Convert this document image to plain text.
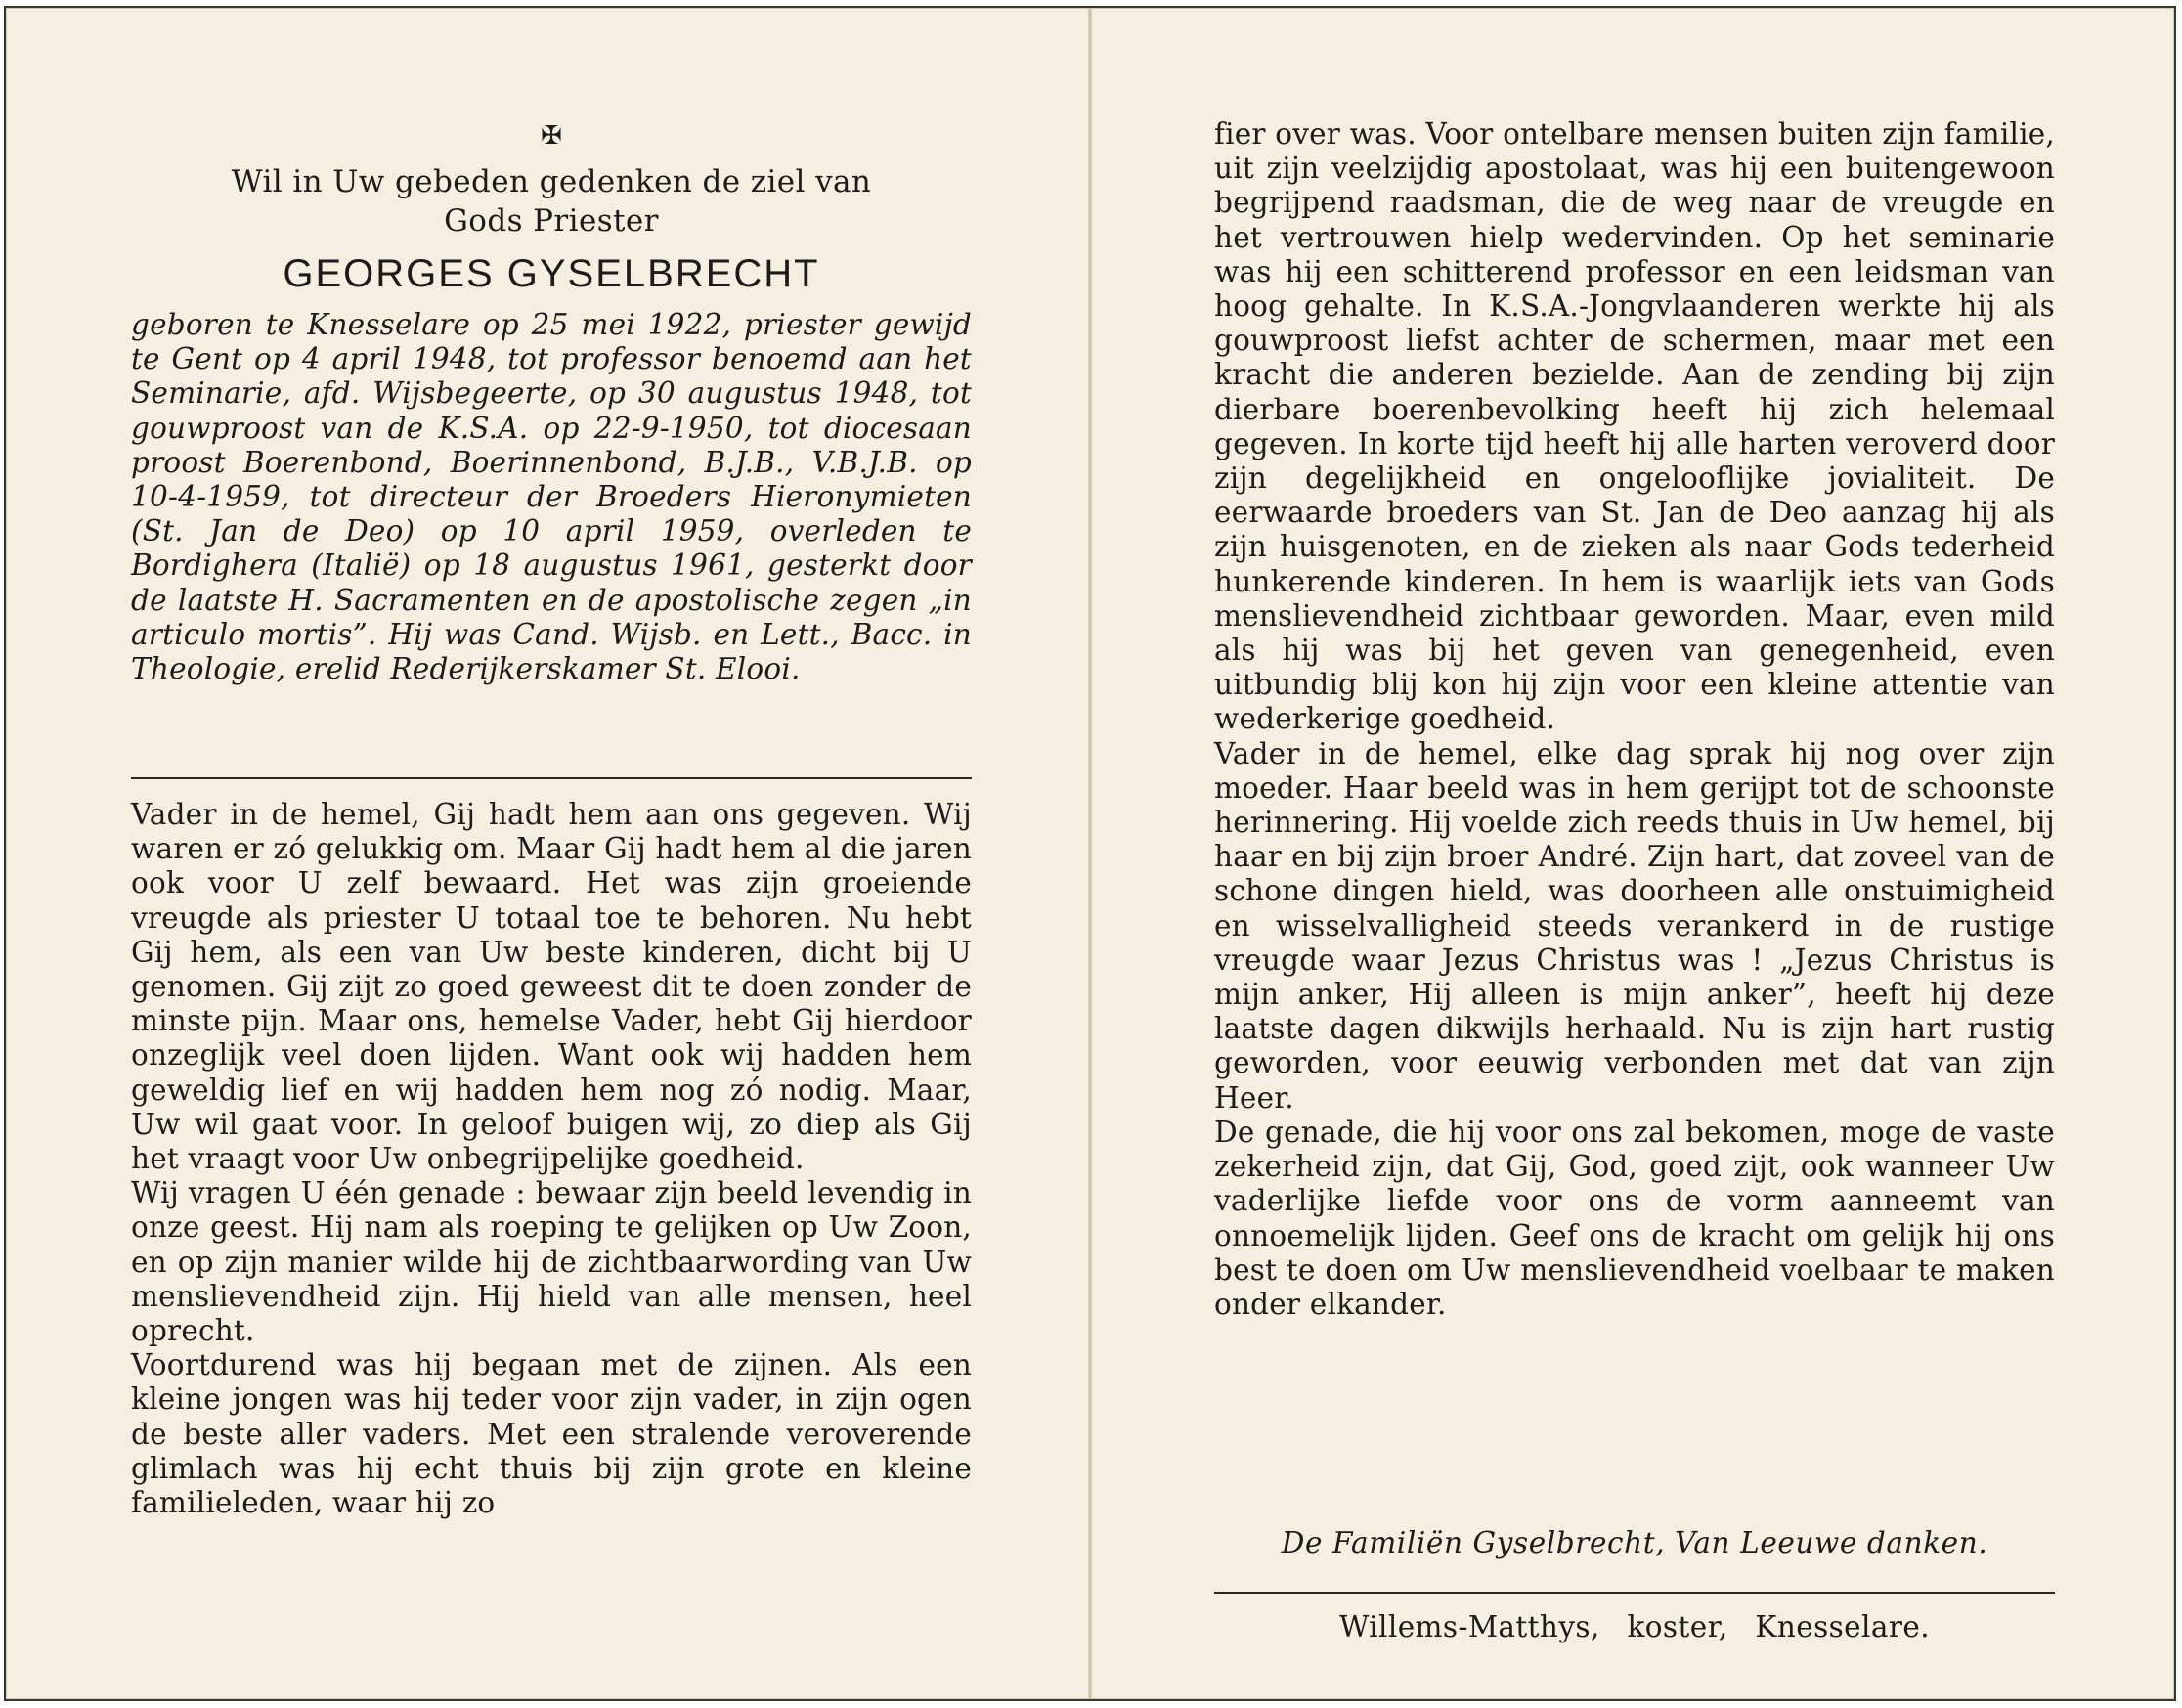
✠
Wil in Uw gebeden gedenken de ziel van
Gods Priester
GEORGES GYSELBRECHT

geboren te Knesselare op 25 mei 1922, priester gewijd te Gent op 4 april 1948, tot professor benoemd aan het Seminarie, afd. Wijsbegeerte, op 30 augustus 1948, tot gouwproost van de K.S.A. op 22-9-1950, tot diocesaan proost Boerenbond, Boerinnenbond, B.J.B., V.B.J.B. op 10-4-1959, tot directeur der Broeders Hieronymieten (St. Jan de Deo) op 10 april 1959, overleden te Bordighera (Italië) op 18 augustus 1961, gesterkt door de laatste H. Sacramenten en de apostolische zegen „in articulo mortis”. Hij was Cand. Wijsb. en Lett., Bacc. in Theologie, erelid Rederijkerskamer St. Elooi.

Vader in de hemel, Gij hadt hem aan ons gegeven. Wij waren er zó gelukkig om. Maar Gij hadt hem al die jaren ook voor U zelf bewaard. Het was zijn groeiende vreugde als priester U totaal toe te behoren. Nu hebt Gij hem, als een van Uw beste kinderen, dicht bij U genomen. Gij zijt zo goed geweest dit te doen zonder de minste pijn. Maar ons, hemelse Vader, hebt Gij hierdoor onzeglijk veel doen lijden. Want ook wij hadden hem geweldig lief en wij hadden hem nog zó nodig. Maar, Uw wil gaat voor. In geloof buigen wij, zo diep als Gij het vraagt voor Uw onbegrijpelijke goedheid.

Wij vragen U één genade : bewaar zijn beeld levendig in onze geest. Hij nam als roeping te gelijken op Uw Zoon, en op zijn manier wilde hij de zichtbaarwording van Uw menslievendheid zijn. Hij hield van alle mensen, heel oprecht.

Voortdurend was hij begaan met de zijnen. Als een kleine jongen was hij teder voor zijn vader, in zijn ogen de beste aller vaders. Met een stralende veroverende glimlach was hij echt thuis bij zijn grote en kleine familieleden, waar hij zo

fier over was. Voor ontelbare mensen buiten zijn familie, uit zijn veelzijdig apostolaat, was hij een buitengewoon begrijpend raadsman, die de weg naar de vreugde en het vertrouwen hielp wedervinden. Op het seminarie was hij een schitterend professor en een leidsman van hoog gehalte. In K.S.A.-Jongvlaanderen werkte hij als gouwproost liefst achter de schermen, maar met een kracht die anderen bezielde. Aan de zending bij zijn dierbare boerenbevolking heeft hij zich helemaal gegeven. In korte tijd heeft hij alle harten veroverd door zijn degelijkheid en ongelooflijke jovialiteit. De eerwaarde broeders van St. Jan de Deo aanzag hij als zijn huisgenoten, en de zieken als naar Gods tederheid hunkerende kinderen. In hem is waarlijk iets van Gods menslievendheid zichtbaar geworden. Maar, even mild als hij was bij het geven van genegenheid, even uitbundig blij kon hij zijn voor een kleine attentie van wederkerige goedheid.

Vader in de hemel, elke dag sprak hij nog over zijn moeder. Haar beeld was in hem gerijpt tot de schoonste herinnering. Hij voelde zich reeds thuis in Uw hemel, bij haar en bij zijn broer André. Zijn hart, dat zoveel van de schone dingen hield, was doorheen alle onstuimigheid en wisselvalligheid steeds verankerd in de rustige vreugde waar Jezus Christus was ! „Jezus Christus is mijn anker, Hij alleen is mijn anker”, heeft hij deze laatste dagen dikwijls herhaald. Nu is zijn hart rustig geworden, voor eeuwig verbonden met dat van zijn Heer.

De genade, die hij voor ons zal bekomen, moge de vaste zekerheid zijn, dat Gij, God, goed zijt, ook wanneer Uw vaderlijke liefde voor ons de vorm aanneemt van onnoemelijk lijden. Geef ons de kracht om gelijk hij ons best te doen om Uw menslievendheid voelbaar te maken onder elkander.

De Familiën Gyselbrecht, Van Leeuwe danken.
Willems-Matthys, koster, Knesselare.
